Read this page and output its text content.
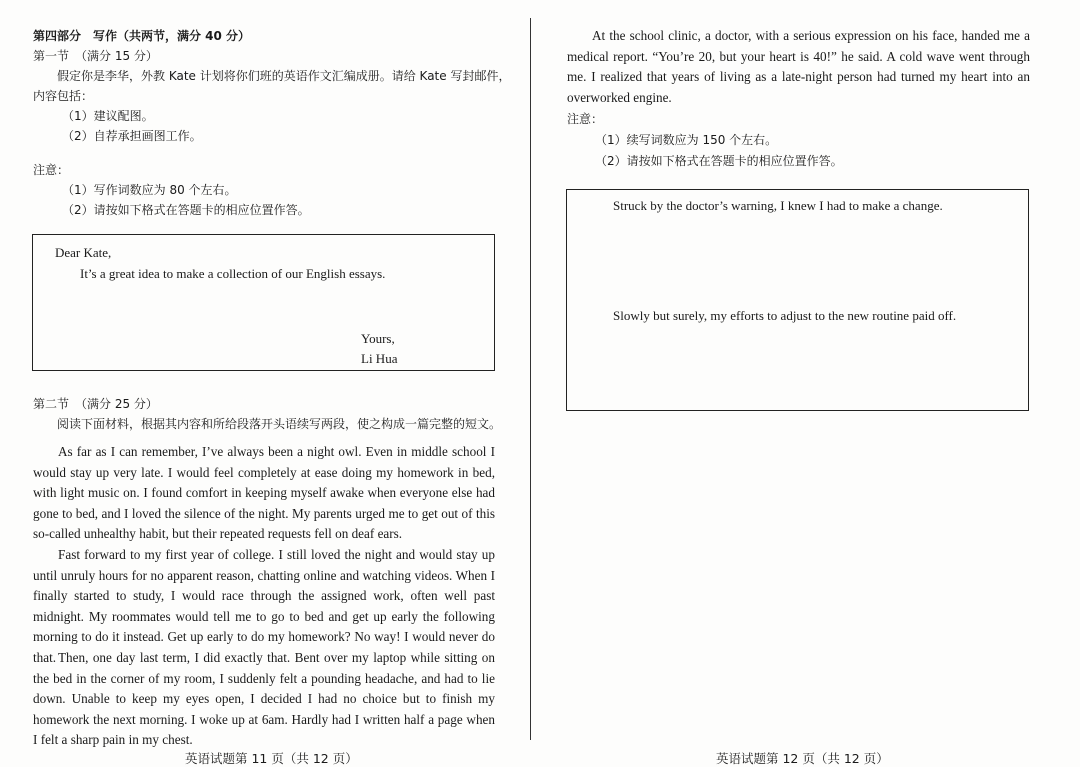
第四部分　写作（共两节，满分 40 分）

第一节　（满分 15 分）

假定你是李华，外教 Kate 计划将你们班的英语作文汇编成册。请给 Kate 写封邮件，

内容包括：

（1）建议配图。

（2）自荐承担画图工作。

注意：

（1）写作词数应为 80 个左右。

（2）请按如下格式在答题卡的相应位置作答。

Dear Kate,

It’s a great idea to make a collection of our English essays.

Yours,

Li Hua

第二节　（满分 25 分）

阅读下面材料，根据其内容和所给段落开头语续写两段，使之构成一篇完整的短文。

As far as I can remember, I’ve always been a night owl. Even in middle school I would stay up very late. I would feel completely at ease doing my homework in bed, with light music on. I found comfort in keeping myself awake when everyone else had gone to bed, and I loved the silence of the night. My parents urged me to get out of this so-called unhealthy habit, but their repeated requests fell on deaf ears.

Fast forward to my first year of college. I still loved the night and would stay up until unruly hours for no apparent reason, chatting online and watching videos. When I finally started to study, I would race through the assigned work, often well past midnight. My roommates would tell me to go to bed and get up early the following morning to do it instead. Get up early to do my homework? No way! I would never do that. Then, one day last term, I did exactly that. Bent over my laptop while sitting on the bed in the corner of my room, I suddenly felt a pounding headache, and had to lie down. Unable to keep my eyes open, I decided I had no choice but to finish my homework the next morning. I woke up at 6am. Hardly had I written half a page when I felt a sharp pain in my chest.

英语试题第 11 页（共 12 页）

At the school clinic, a doctor, with a serious expression on his face, handed me a medical report. “You’re 20, but your heart is 40!” he said. A cold wave went through me. I realized that years of living as a late-night person had turned my heart into an overworked engine.

注意：

（1）续写词数应为 150 个左右。

（2）请按如下格式在答题卡的相应位置作答。

Struck by the doctor’s warning, I knew I had to make a change.

Slowly but surely, my efforts to adjust to the new routine paid off.

英语试题第 12 页（共 12 页）
